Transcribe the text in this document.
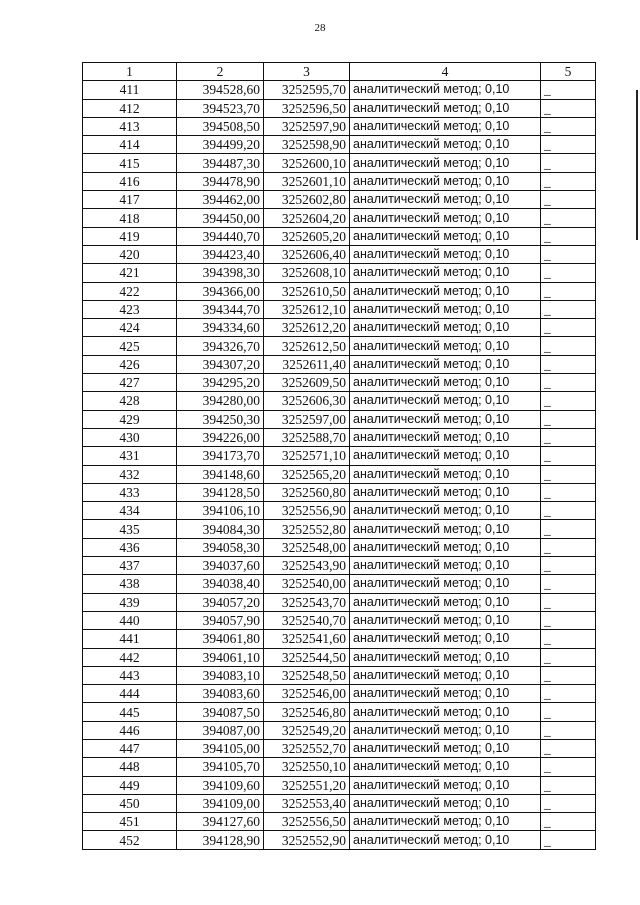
28
1	2	3	4	5
411	394528,60	3252595,70	аналитический метод; 0,10	_
412	394523,70	3252596,50	аналитический метод; 0,10	_
413	394508,50	3252597,90	аналитический метод; 0,10	_
414	394499,20	3252598,90	аналитический метод; 0,10	_
415	394487,30	3252600,10	аналитический метод; 0,10	_
416	394478,90	3252601,10	аналитический метод; 0,10	_
417	394462,00	3252602,80	аналитический метод; 0,10	_
418	394450,00	3252604,20	аналитический метод; 0,10	_
419	394440,70	3252605,20	аналитический метод; 0,10	_
420	394423,40	3252606,40	аналитический метод; 0,10	_
421	394398,30	3252608,10	аналитический метод; 0,10	_
422	394366,00	3252610,50	аналитический метод; 0,10	_
423	394344,70	3252612,10	аналитический метод; 0,10	_
424	394334,60	3252612,20	аналитический метод; 0,10	_
425	394326,70	3252612,50	аналитический метод; 0,10	_
426	394307,20	3252611,40	аналитический метод; 0,10	_
427	394295,20	3252609,50	аналитический метод; 0,10	_
428	394280,00	3252606,30	аналитический метод; 0,10	_
429	394250,30	3252597,00	аналитический метод; 0,10	_
430	394226,00	3252588,70	аналитический метод; 0,10	_
431	394173,70	3252571,10	аналитический метод; 0,10	_
432	394148,60	3252565,20	аналитический метод; 0,10	_
433	394128,50	3252560,80	аналитический метод; 0,10	_
434	394106,10	3252556,90	аналитический метод; 0,10	_
435	394084,30	3252552,80	аналитический метод; 0,10	_
436	394058,30	3252548,00	аналитический метод; 0,10	_
437	394037,60	3252543,90	аналитический метод; 0,10	_
438	394038,40	3252540,00	аналитический метод; 0,10	_
439	394057,20	3252543,70	аналитический метод; 0,10	_
440	394057,90	3252540,70	аналитический метод; 0,10	_
441	394061,80	3252541,60	аналитический метод; 0,10	_
442	394061,10	3252544,50	аналитический метод; 0,10	_
443	394083,10	3252548,50	аналитический метод; 0,10	_
444	394083,60	3252546,00	аналитический метод; 0,10	_
445	394087,50	3252546,80	аналитический метод; 0,10	_
446	394087,00	3252549,20	аналитический метод; 0,10	_
447	394105,00	3252552,70	аналитический метод; 0,10	_
448	394105,70	3252550,10	аналитический метод; 0,10	_
449	394109,60	3252551,20	аналитический метод; 0,10	_
450	394109,00	3252553,40	аналитический метод; 0,10	_
451	394127,60	3252556,50	аналитический метод; 0,10	_
452	394128,90	3252552,90	аналитический метод; 0,10	_
